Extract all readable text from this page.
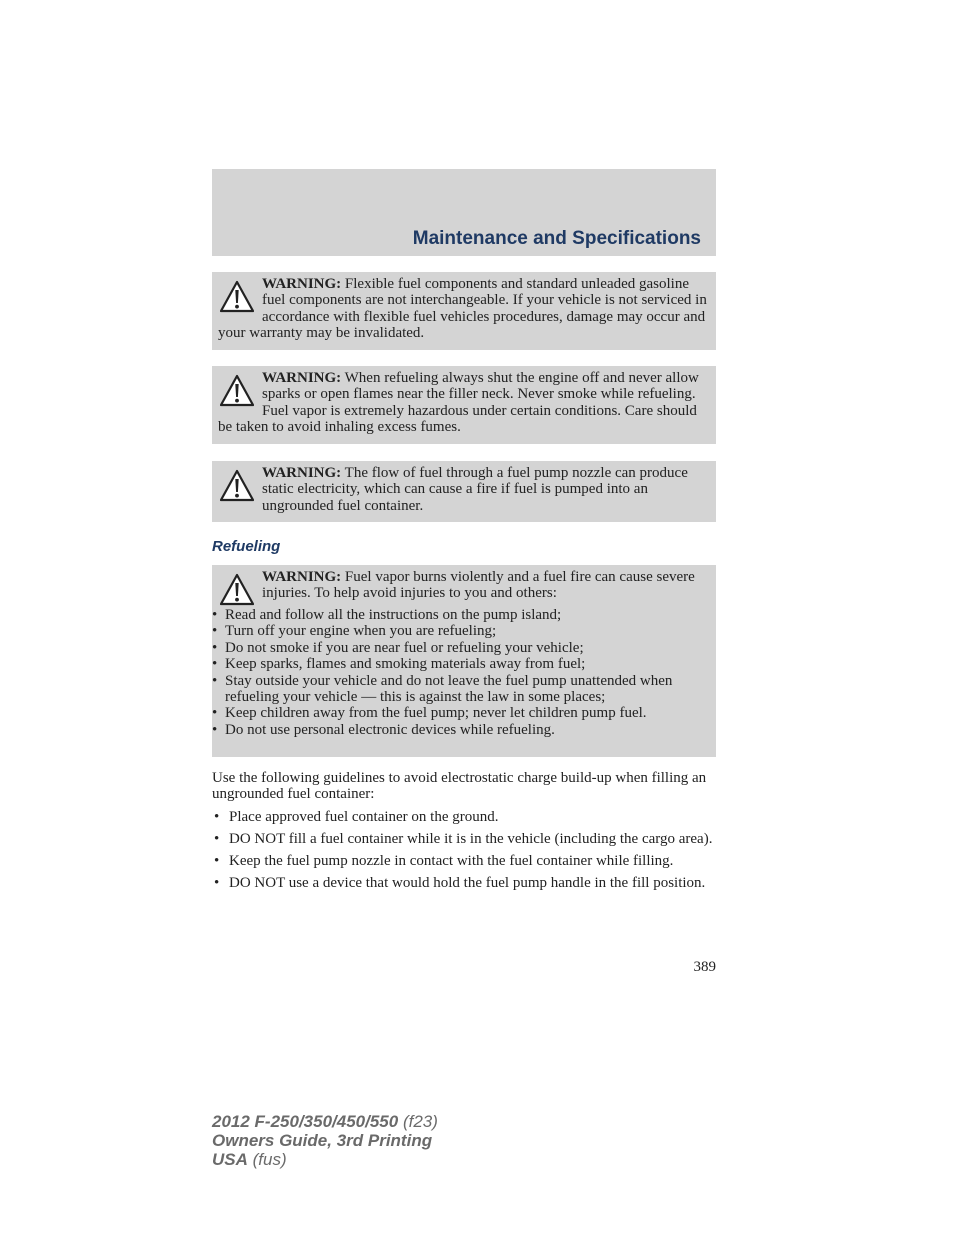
Maintenance and Specifications
WARNING: Flexible fuel components and standard unleaded gasoline fuel components are not interchangeable. If your vehicle is not serviced in accordance with flexible fuel vehicles procedures, damage may occur and your warranty may be invalidated.
WARNING: When refueling always shut the engine off and never allow sparks or open flames near the filler neck. Never smoke while refueling. Fuel vapor is extremely hazardous under certain conditions. Care should be taken to avoid inhaling excess fumes.
WARNING: The flow of fuel through a fuel pump nozzle can produce static electricity, which can cause a fire if fuel is pumped into an ungrounded fuel container.
Refueling
WARNING: Fuel vapor burns violently and a fuel fire can cause severe injuries. To help avoid injuries to you and others:
• Read and follow all the instructions on the pump island;
• Turn off your engine when you are refueling;
• Do not smoke if you are near fuel or refueling your vehicle;
• Keep sparks, flames and smoking materials away from fuel;
• Stay outside your vehicle and do not leave the fuel pump unattended when refueling your vehicle — this is against the law in some places;
• Keep children away from the fuel pump; never let children pump fuel.
• Do not use personal electronic devices while refueling.
Use the following guidelines to avoid electrostatic charge build-up when filling an ungrounded fuel container:
• Place approved fuel container on the ground.
• DO NOT fill a fuel container while it is in the vehicle (including the cargo area).
• Keep the fuel pump nozzle in contact with the fuel container while filling.
• DO NOT use a device that would hold the fuel pump handle in the fill position.
389
2012 F-250/350/450/550 (f23)
Owners Guide, 3rd Printing
USA (fus)
